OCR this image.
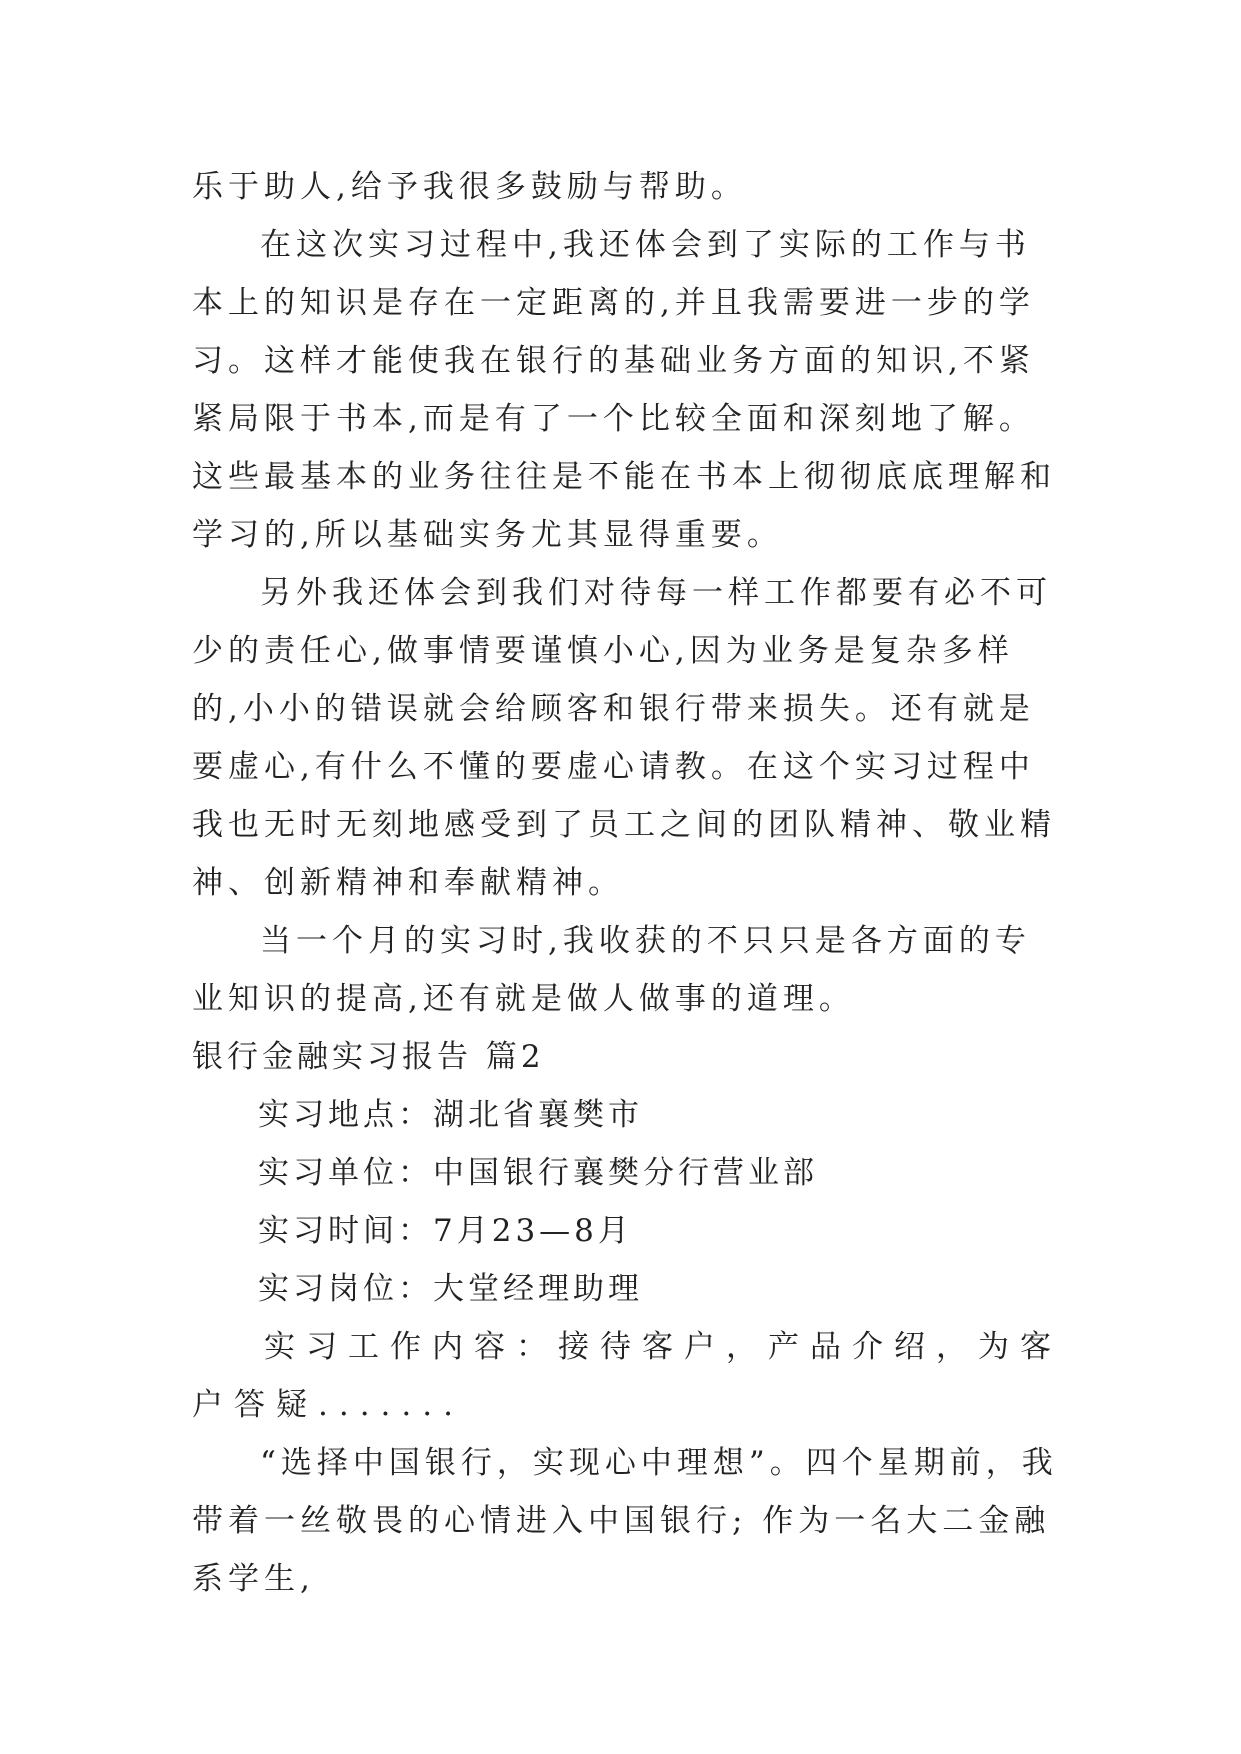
乐于助人,给予我很多鼓励与帮助。

在这次实习过程中,我还体会到了实际的工作与书本上的知识是存在一定距离的,并且我需要进一步的学习。这样才能使我在银行的基础业务方面的知识,不紧紧局限于书本,而是有了一个比较全面和深刻地了解。这些最基本的业务往往是不能在书本上彻彻底底理解和学习的,所以基础实务尤其显得重要。

另外我还体会到我们对待每一样工作都要有必不可少的责任心,做事情要谨慎小心,因为业务是复杂多样的,小小的错误就会给顾客和银行带来损失。还有就是要虚心,有什么不懂的要虚心请教。在这个实习过程中我也无时无刻地感受到了员工之间的团队精神、敬业精神、创新精神和奉献精神。

当一个月的实习时,我收获的不只只是各方面的专业知识的提高,还有就是做人做事的道理。

银行金融实习报告 篇2

实习地点：湖北省襄樊市

实习单位：中国银行襄樊分行营业部

实习时间：7月23—8月

实习岗位：大堂经理助理

实习工作内容：接待客户，产品介绍，为客户答疑.......

“选择中国银行，实现心中理想”。四个星期前，我带着一丝敬畏的心情进入中国银行; 作为一名大二金融系学生,
